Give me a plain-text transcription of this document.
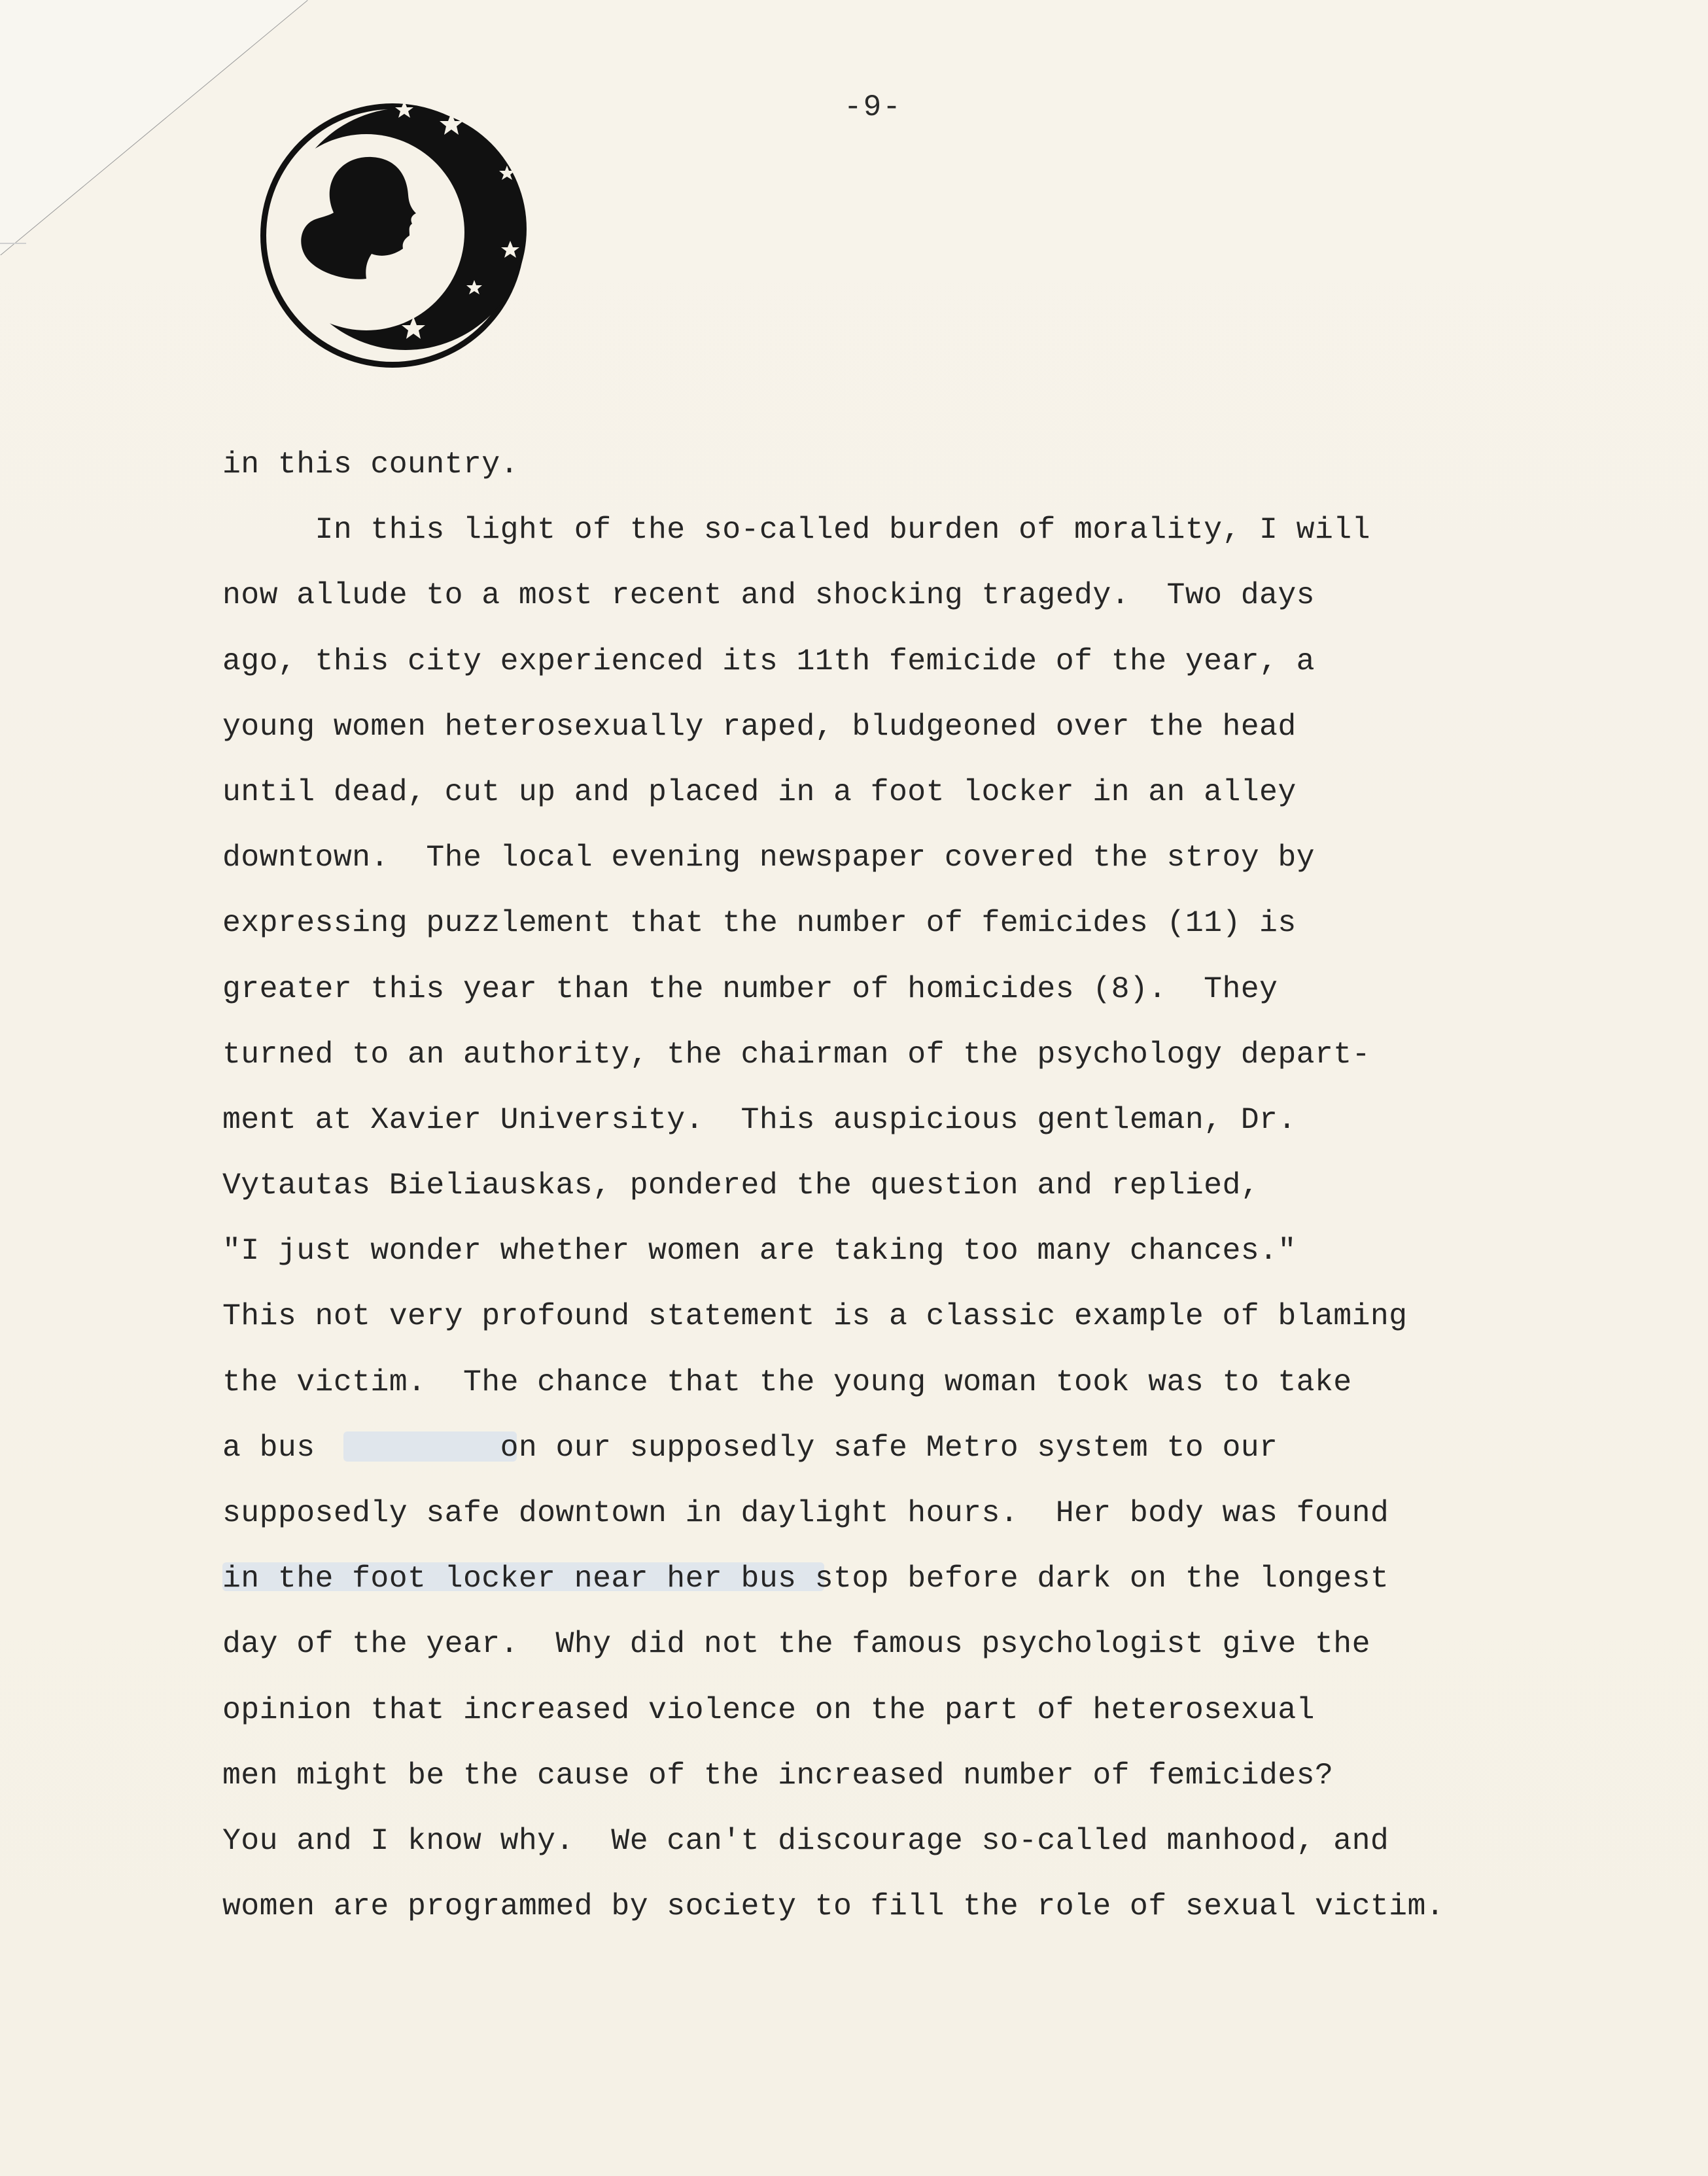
-9-
in this country.
In this light of the so-called burden of morality, I will
now allude to a most recent and shocking tragedy.  Two days
ago, this city experienced its 11th femicide of the year, a
young women heterosexually raped, bludgeoned over the head
until dead, cut up and placed in a foot locker in an alley
downtown.  The local evening newspaper covered the stroy by
expressing puzzlement that the number of femicides (11) is
greater this year than the number of homicides (8).  They
turned to an authority, the chairman of the psychology depart-
ment at Xavier University.  This auspicious gentleman, Dr.
Vytautas Bieliauskas, pondered the question and replied,
"I just wonder whether women are taking too many chances."
This not very profound statement is a classic example of blaming
the victim.  The chance that the young woman took was to take
a bus          on our supposedly safe Metro system to our
supposedly safe downtown in daylight hours.  Her body was found
in the foot locker near her bus stop before dark on the longest
day of the year.  Why did not the famous psychologist give the
opinion that increased violence on the part of heterosexual
men might be the cause of the increased number of femicides?
You and I know why.  We can't discourage so-called manhood, and
women are programmed by society to fill the role of sexual victim.
